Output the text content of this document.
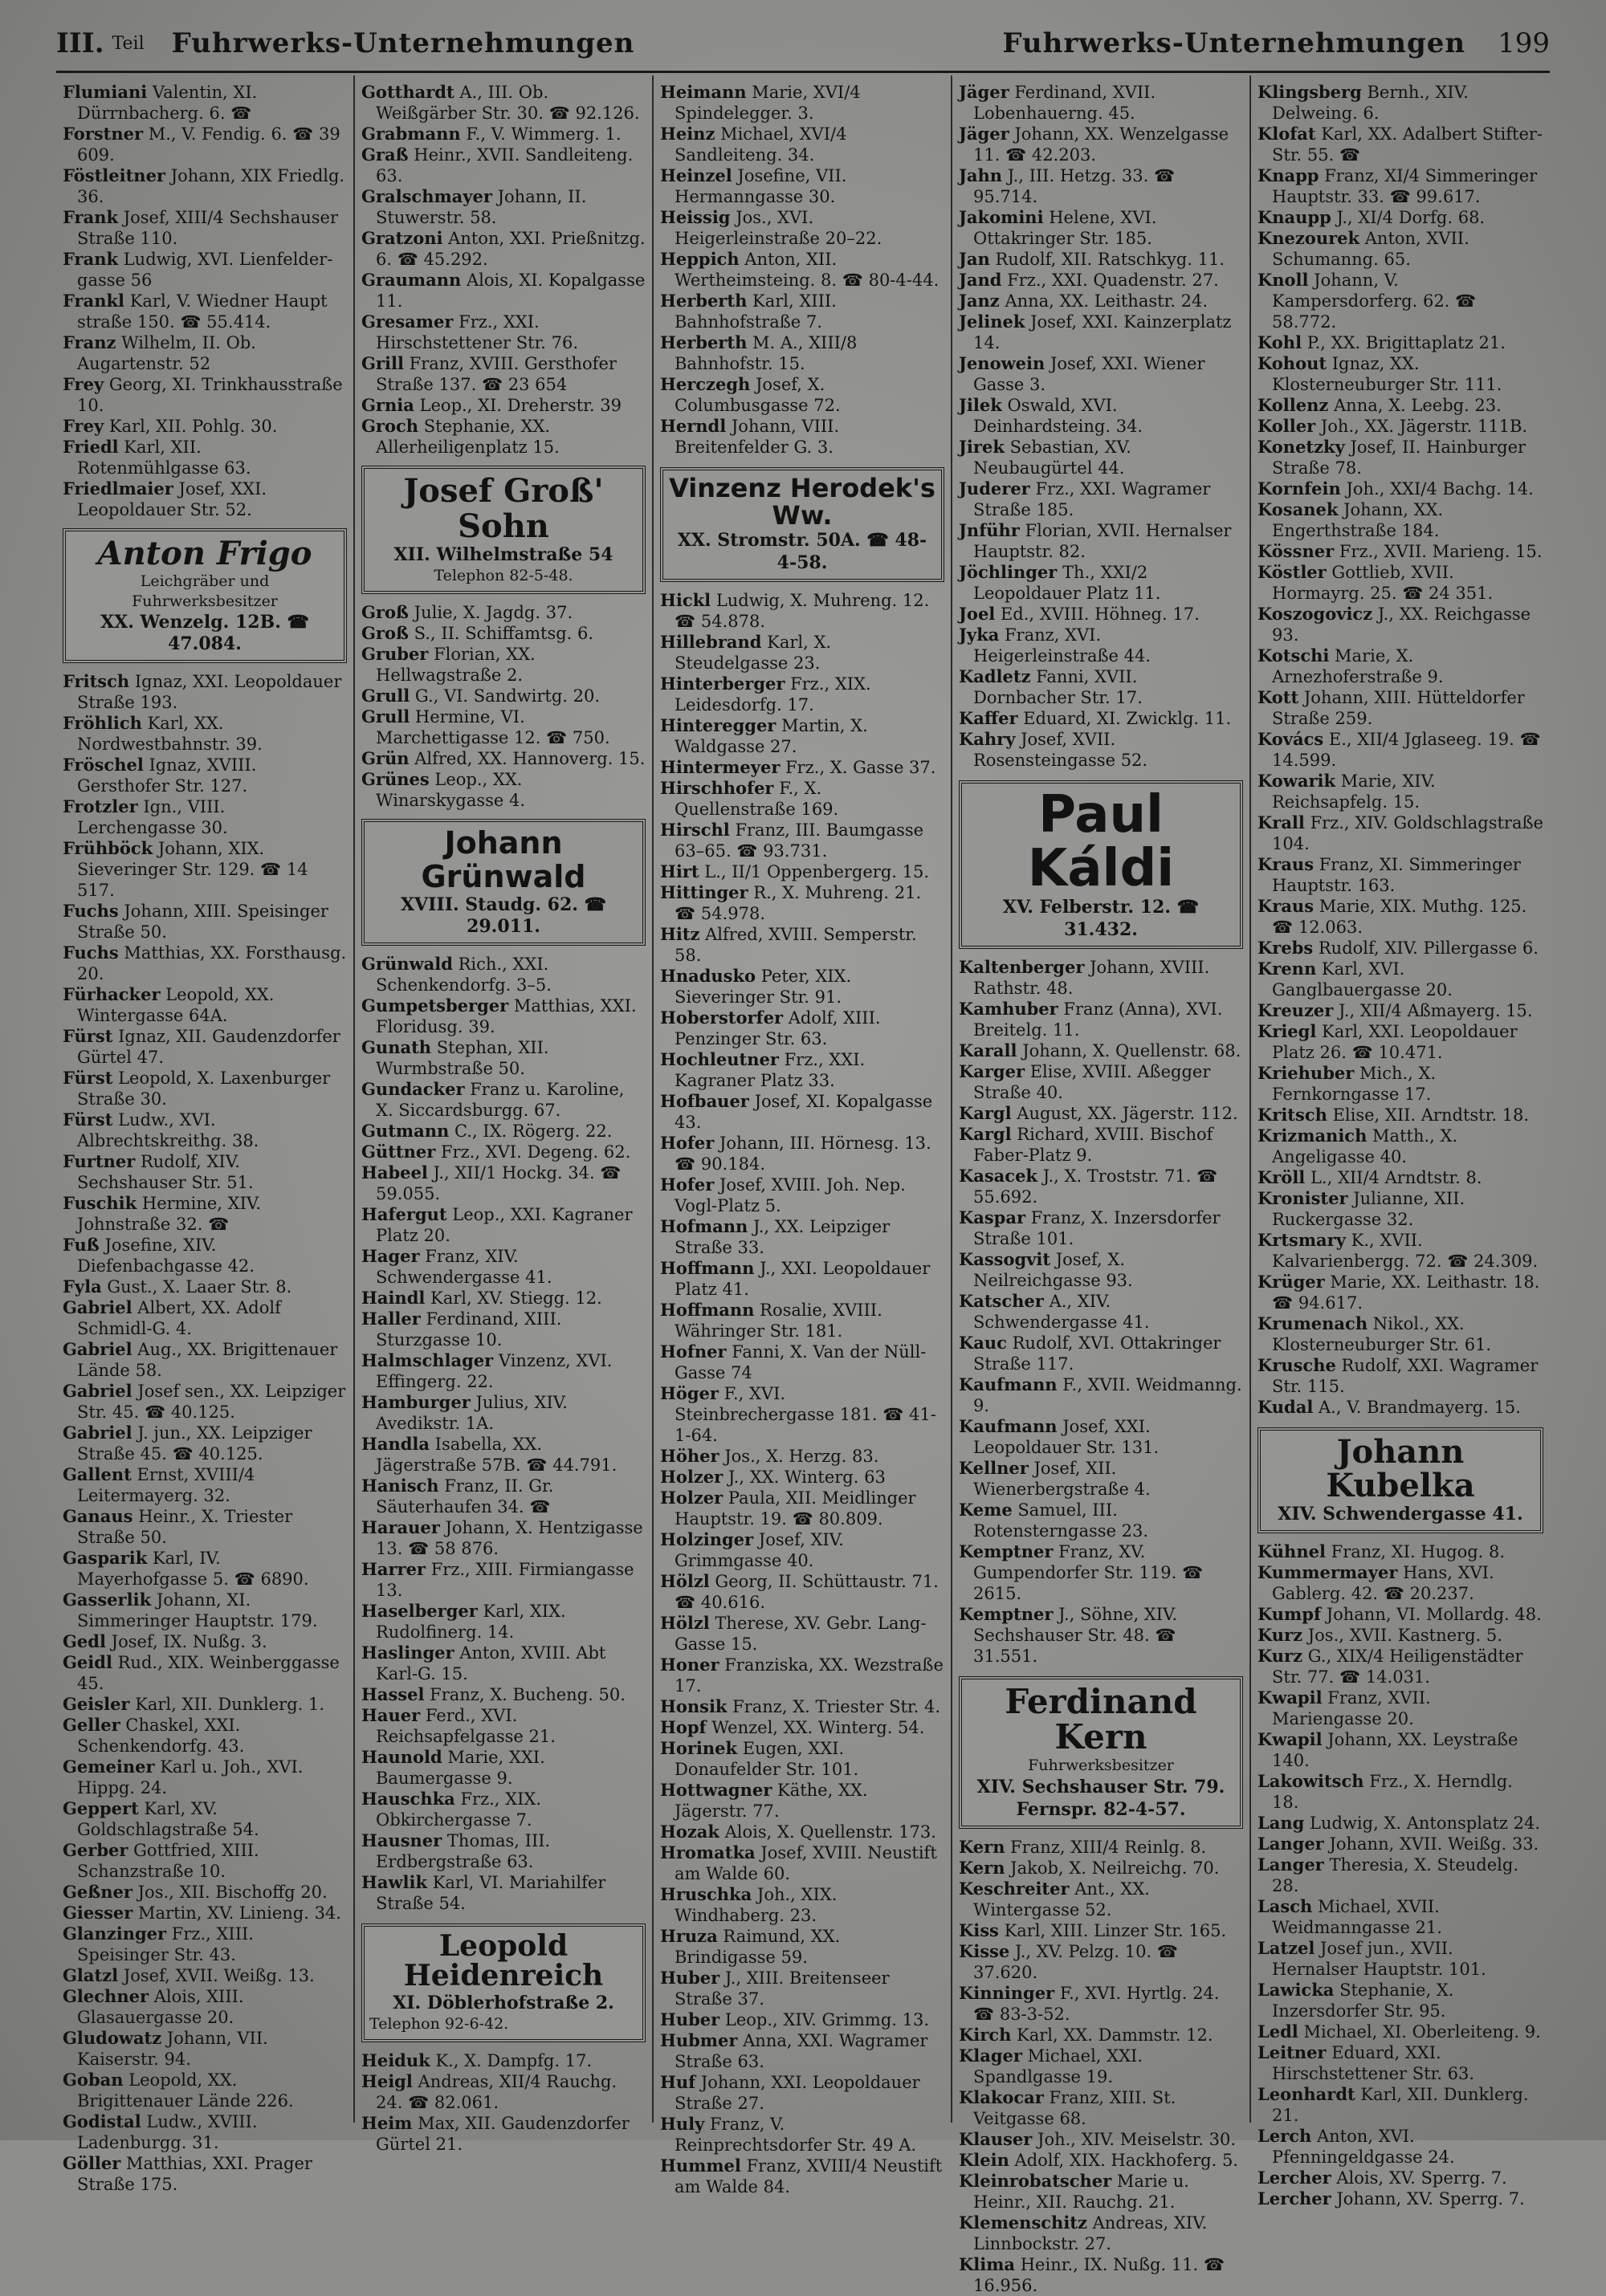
III. Teil Fuhrwerks-Unternehmungen	Fuhrwerks-Unternehmungen 199
Flumiani Valentin, XI. Dürrnbacherg. 6. ☎
Forstner M., V. Fendig. 6. ☎ 39 609.
Föstleitner Johann, XIX Friedlg. 36.
Frank Josef, XIII/4 Sechshauser Straße 110.
Frank Ludwig, XVI. Lienfelder- gasse 56
Frankl Karl, V. Wiedner Haupt straße 150. ☎ 55.414.
Franz Wilhelm, II. Ob. Augartenstr. 52
Frey Georg, XI. Trinkhausstraße 10.
Frey Karl, XII. Pohlg. 30.
Friedl Karl, XII. Rotenmühlgasse 63.
Friedlmaier Josef, XXI. Leopoldauer Str. 52.
Anton Frigo
Leichgräber und Fuhrwerksbesitzer
XX. Wenzelg. 12B. ☎ 47.084.
Fritsch Ignaz, XXI. Leopoldauer Straße 193.
Fröhlich Karl, XX. Nordwestbahnstr. 39.
Fröschel Ignaz, XVIII. Gersthofer Str. 127.
Frotzler Ign., VIII. Lerchengasse 30.
Frühböck Johann, XIX. Sieveringer Str. 129. ☎ 14 517.
Fuchs Johann, XIII. Speisinger Straße 50.
Fuchs Matthias, XX. Forsthausg. 20.
Fürhacker Leopold, XX. Wintergasse 64A.
Fürst Ignaz, XII. Gaudenzdorfer Gürtel 47.
Fürst Leopold, X. Laxenburger Straße 30.
Fürst Ludw., XVI. Albrechtskreithg. 38.
Furtner Rudolf, XIV. Sechshauser Str. 51.
Fuschik Hermine, XIV. Johnstraße 32. ☎
Fuß Josefine, XIV. Diefenbachgasse 42.
Fyla Gust., X. Laaer Str. 8.
Gabriel Albert, XX. Adolf Schmidl-G. 4.
Gabriel Aug., XX. Brigittenauer Lände 58.
Gabriel Josef sen., XX. Leipziger Str. 45. ☎ 40.125.
Gabriel J. jun., XX. Leipziger Straße 45. ☎ 40.125.
Gallent Ernst, XVIII/4 Leitermayerg. 32.
Ganaus Heinr., X. Triester Straße 50.
Gasparik Karl, IV. Mayerhofgasse 5. ☎ 6890.
Gasserlik Johann, XI. Simmeringer Hauptstr. 179.
Gedl Josef, IX. Nußg. 3.
Geidl Rud., XIX. Weinberggasse 45.
Geisler Karl, XII. Dunklerg. 1.
Geller Chaskel, XXI. Schenkendorfg. 43.
Gemeiner Karl u. Joh., XVI. Hippg. 24.
Geppert Karl, XV. Goldschlagstraße 54.
Gerber Gottfried, XIII. Schanzstraße 10.
Geßner Jos., XII. Bischoffg 20.
Giesser Martin, XV. Linieng. 34.
Glanzinger Frz., XIII. Speisinger Str. 43.
Glatzl Josef, XVII. Weißg. 13.
Glechner Alois, XIII. Glasauergasse 20.
Gludowatz Johann, VII. Kaiserstr. 94.
Goban Leopold, XX. Brigittenauer Lände 226.
Godistal Ludw., XVIII. Ladenburgg. 31.
Göller Matthias, XXI. Prager Straße 175.
Gotthardt A., III. Ob. Weißgärber Str. 30. ☎ 92.126.
Grabmann F., V. Wimmerg. 1.
Graß Heinr., XVII. Sandleiteng. 63.
Gralschmayer Johann, II. Stuwerstr. 58.
Gratzoni Anton, XXI. Prießnitzg. 6. ☎ 45.292.
Graumann Alois, XI. Kopalgasse 11.
Gresamer Frz., XXI. Hirschstettener Str. 76.
Grill Franz, XVIII. Gersthofer Straße 137. ☎ 23 654
Grnia Leop., XI. Dreherstr. 39
Groch Stephanie, XX. Allerheiligenplatz 15.
Josef Groß' Sohn
XII. Wilhelmstraße 54
Telephon 82-5-48.
Groß Julie, X. Jagdg. 37.
Groß S., II. Schiffamtsg. 6.
Gruber Florian, XX. Hellwagstraße 2.
Grull G., VI. Sandwirtg. 20.
Grull Hermine, VI. Marchettigasse 12. ☎ 750.
Grün Alfred, XX. Hannoverg. 15.
Grünes Leop., XX. Winarskygasse 4.
Johann Grünwald
XVIII. Staudg. 62. ☎ 29.011.
Grünwald Rich., XXI. Schenkendorfg. 3–5.
Gumpetsberger Matthias, XXI. Floridusg. 39.
Gunath Stephan, XII. Wurmbstraße 50.
Gundacker Franz u. Karoline, X. Siccardsburgg. 67.
Gutmann C., IX. Rögerg. 22.
Güttner Frz., XVI. Degeng. 62.
Habeel J., XII/1 Hockg. 34. ☎ 59.055.
Hafergut Leop., XXI. Kagraner Platz 20.
Hager Franz, XIV. Schwendergasse 41.
Haindl Karl, XV. Stiegg. 12.
Haller Ferdinand, XIII. Sturzgasse 10.
Halmschlager Vinzenz, XVI. Effingerg. 22.
Hamburger Julius, XIV. Avedikstr. 1A.
Handla Isabella, XX. Jägerstraße 57B. ☎ 44.791.
Hanisch Franz, II. Gr. Säuterhaufen 34. ☎
Harauer Johann, X. Hentzigasse 13. ☎ 58 876.
Harrer Frz., XIII. Firmiangasse 13.
Haselberger Karl, XIX. Rudolfinerg. 14.
Haslinger Anton, XVIII. Abt Karl-G. 15.
Hassel Franz, X. Bucheng. 50.
Hauer Ferd., XVI. Reichsapfelgasse 21.
Haunold Marie, XXI. Baumergasse 9.
Hauschka Frz., XIX. Obkirchergasse 7.
Hausner Thomas, III. Erdbergstraße 63.
Hawlik Karl, VI. Mariahilfer Straße 54.
Leopold Heidenreich
XI. Döblerhofstraße 2.
Telephon 92-6-42.
Heiduk K., X. Dampfg. 17.
Heigl Andreas, XII/4 Rauchg. 24. ☎ 82.061.
Heim Max, XII. Gaudenzdorfer Gürtel 21.
Heimann Marie, XVI/4 Spindelegger. 3.
Heinz Michael, XVI/4 Sandleiteng. 34.
Heinzel Josefine, VII. Hermanngasse 30.
Heissig Jos., XVI. Heigerleinstraße 20–22.
Heppich Anton, XII. Wertheimsteing. 8. ☎ 80-4-44.
Herberth Karl, XIII. Bahnhofstraße 7.
Herberth M. A., XIII/8 Bahnhofstr. 15.
Herczegh Josef, X. Columbusgasse 72.
Herndl Johann, VIII. Breitenfelder G. 3.
Vinzenz Herodek's Ww.
XX. Stromstr. 50A. ☎ 48-4-58.
Hickl Ludwig, X. Muhreng. 12. ☎ 54.878.
Hillebrand Karl, X. Steudelgasse 23.
Hinterberger Frz., XIX. Leidesdorfg. 17.
Hinteregger Martin, X. Waldgasse 27.
Hintermeyer Frz., X. Gasse 37.
Hirschhofer F., X. Quellenstraße 169.
Hirschl Franz, III. Baumgasse 63–65. ☎ 93.731.
Hirt L., II/1 Oppenbergerg. 15.
Hittinger R., X. Muhreng. 21. ☎ 54.978.
Hitz Alfred, XVIII. Semperstr. 58.
Hnadusko Peter, XIX. Sieveringer Str. 91.
Hoberstorfer Adolf, XIII. Penzinger Str. 63.
Hochleutner Frz., XXI. Kagraner Platz 33.
Hofbauer Josef, XI. Kopalgasse 43.
Hofer Johann, III. Hörnesg. 13. ☎ 90.184.
Hofer Josef, XVIII. Joh. Nep. Vogl-Platz 5.
Hofmann J., XX. Leipziger Straße 33.
Hoffmann J., XXI. Leopoldauer Platz 41.
Hoffmann Rosalie, XVIII. Währinger Str. 181.
Hofner Fanni, X. Van der Nüll-Gasse 74
Höger F., XVI. Steinbrechergasse 181. ☎ 41-1-64.
Höher Jos., X. Herzg. 83.
Holzer J., XX. Winterg. 63
Holzer Paula, XII. Meidlinger Hauptstr. 19. ☎ 80.809.
Holzinger Josef, XIV. Grimmgasse 40.
Hölzl Georg, II. Schüttaustr. 71. ☎ 40.616.
Hölzl Therese, XV. Gebr. Lang-Gasse 15.
Honer Franziska, XX. Wezstraße 17.
Honsik Franz, X. Triester Str. 4.
Hopf Wenzel, XX. Winterg. 54.
Horinek Eugen, XXI. Donaufelder Str. 101.
Hottwagner Käthe, XX. Jägerstr. 77.
Hozak Alois, X. Quellenstr. 173.
Hromatka Josef, XVIII. Neustift am Walde 60.
Hruschka Joh., XIX. Windhaberg. 23.
Hruza Raimund, XX. Brindigasse 59.
Huber J., XIII. Breitenseer Straße 37.
Huber Leop., XIV. Grimmg. 13.
Hubmer Anna, XXI. Wagramer Straße 63.
Huf Johann, XXI. Leopoldauer Straße 27.
Huly Franz, V. Reinprechtsdorfer Str. 49 A.
Hummel Franz, XVIII/4 Neustift am Walde 84.
Jäger Ferdinand, XVII. Lobenhauerng. 45.
Jäger Johann, XX. Wenzelgasse 11. ☎ 42.203.
Jahn J., III. Hetzg. 33. ☎ 95.714.
Jakomini Helene, XVI. Ottakringer Str. 185.
Jan Rudolf, XII. Ratschkyg. 11.
Jand Frz., XXI. Quadenstr. 27.
Janz Anna, XX. Leithastr. 24.
Jelinek Josef, XXI. Kainzerplatz 14.
Jenowein Josef, XXI. Wiener Gasse 3.
Jilek Oswald, XVI. Deinhardsteing. 34.
Jirek Sebastian, XV. Neubaugürtel 44.
Juderer Frz., XXI. Wagramer Straße 185.
Jnführ Florian, XVII. Hernalser Hauptstr. 82.
Jöchlinger Th., XXI/2 Leopoldauer Platz 11.
Joel Ed., XVIII. Höhneg. 17.
Jyka Franz, XVI. Heigerleinstraße 44.
Kadletz Fanni, XVII. Dornbacher Str. 17.
Kaffer Eduard, XI. Zwicklg. 11.
Kahry Josef, XVII. Rosensteingasse 52.
Paul Káldi
XV. Felberstr. 12. ☎ 31.432.
Kaltenberger Johann, XVIII. Rathstr. 48.
Kamhuber Franz (Anna), XVI. Breitelg. 11.
Karall Johann, X. Quellenstr. 68.
Karger Elise, XVIII. Aßegger Straße 40.
Kargl August, XX. Jägerstr. 112.
Kargl Richard, XVIII. Bischof Faber-Platz 9.
Kasacek J., X. Troststr. 71. ☎ 55.692.
Kaspar Franz, X. Inzersdorfer Straße 101.
Kassogvit Josef, X. Neilreichgasse 93.
Katscher A., XIV. Schwendergasse 41.
Kauc Rudolf, XVI. Ottakringer Straße 117.
Kaufmann F., XVII. Weidmanng. 9.
Kaufmann Josef, XXI. Leopoldauer Str. 131.
Kellner Josef, XII. Wienerbergstraße 4.
Keme Samuel, III. Rotensterngasse 23.
Kemptner Franz, XV. Gumpendorfer Str. 119. ☎ 2615.
Kemptner J., Söhne, XIV. Sechshauser Str. 48. ☎ 31.551.
Ferdinand Kern
Fuhrwerksbesitzer
XIV. Sechshauser Str. 79. Fernspr. 82-4-57.
Kern Franz, XIII/4 Reinlg. 8.
Kern Jakob, X. Neilreichg. 70.
Keschreiter Ant., XX. Wintergasse 52.
Kiss Karl, XIII. Linzer Str. 165.
Kisse J., XV. Pelzg. 10. ☎ 37.620.
Kinninger F., XVI. Hyrtlg. 24. ☎ 83-3-52.
Kirch Karl, XX. Dammstr. 12.
Klager Michael, XXI. Spandlgasse 19.
Klakocar Franz, XIII. St. Veitgasse 68.
Klauser Joh., XIV. Meiselstr. 30.
Klein Adolf, XIX. Hackhoferg. 5.
Kleinrobatscher Marie u. Heinr., XII. Rauchg. 21.
Klemenschitz Andreas, XIV. Linnbockstr. 27.
Klima Heinr., IX. Nußg. 11. ☎ 16.956.
Klingsberg Bernh., XIV. Delweing. 6.
Klofat Karl, XX. Adalbert Stifter-Str. 55. ☎
Knapp Franz, XI/4 Simmeringer Hauptstr. 33. ☎ 99.617.
Knaupp J., XI/4 Dorfg. 68.
Knezourek Anton, XVII. Schumanng. 65.
Knoll Johann, V. Kampersdorferg. 62. ☎ 58.772.
Kohl P., XX. Brigittaplatz 21.
Kohout Ignaz, XX. Klosterneuburger Str. 111.
Kollenz Anna, X. Leebg. 23.
Koller Joh., XX. Jägerstr. 111B.
Konetzky Josef, II. Hainburger Straße 78.
Kornfein Joh., XXI/4 Bachg. 14.
Kosanek Johann, XX. Engerthstraße 184.
Kössner Frz., XVII. Marieng. 15.
Köstler Gottlieb, XVII. Hormayrg. 25. ☎ 24 351.
Koszogovicz J., XX. Reichgasse 93.
Kotschi Marie, X. Arnezhoferstraße 9.
Kott Johann, XIII. Hütteldorfer Straße 259.
Kovács E., XII/4 Jglaseeg. 19. ☎ 14.599.
Kowarik Marie, XIV. Reichsapfelg. 15.
Krall Frz., XIV. Goldschlagstraße 104.
Kraus Franz, XI. Simmeringer Hauptstr. 163.
Kraus Marie, XIX. Muthg. 125. ☎ 12.063.
Krebs Rudolf, XIV. Pillergasse 6.
Krenn Karl, XVI. Ganglbauergasse 20.
Kreuzer J., XII/4 Aßmayerg. 15.
Kriegl Karl, XXI. Leopoldauer Platz 26. ☎ 10.471.
Kriehuber Mich., X. Fernkorngasse 17.
Kritsch Elise, XII. Arndtstr. 18.
Krizmanich Matth., X. Angeligasse 40.
Kröll L., XII/4 Arndtstr. 8.
Kronister Julianne, XII. Ruckergasse 32.
Krtsmary K., XVII. Kalvarienbergg. 72. ☎ 24.309.
Krüger Marie, XX. Leithastr. 18. ☎ 94.617.
Krumenach Nikol., XX. Klosterneuburger Str. 61.
Krusche Rudolf, XXI. Wagramer Str. 115.
Kudal A., V. Brandmayerg. 15.
Johann Kubelka
XIV. Schwendergasse 41.
Kühnel Franz, XI. Hugog. 8.
Kummermayer Hans, XVI. Gablerg. 42. ☎ 20.237.
Kumpf Johann, VI. Mollardg. 48.
Kurz Jos., XVII. Kastnerg. 5.
Kurz G., XIX/4 Heiligenstädter Str. 77. ☎ 14.031.
Kwapil Franz, XVII. Mariengasse 20.
Kwapil Johann, XX. Leystraße 140.
Lakowitsch Frz., X. Herndlg. 18.
Lang Ludwig, X. Antonsplatz 24.
Langer Johann, XVII. Weißg. 33.
Langer Theresia, X. Steudelg. 28.
Lasch Michael, XVII. Weidmanngasse 21.
Latzel Josef jun., XVII. Hernalser Hauptstr. 101.
Lawicka Stephanie, X. Inzersdorfer Str. 95.
Ledl Michael, XI. Oberleiteng. 9.
Leitner Eduard, XXI. Hirschstettener Str. 63.
Leonhardt Karl, XII. Dunklerg. 21.
Lerch Anton, XVI. Pfenningeldgasse 24.
Lercher Alois, XV. Sperrg. 7.
Lercher Johann, XV. Sperrg. 7.
